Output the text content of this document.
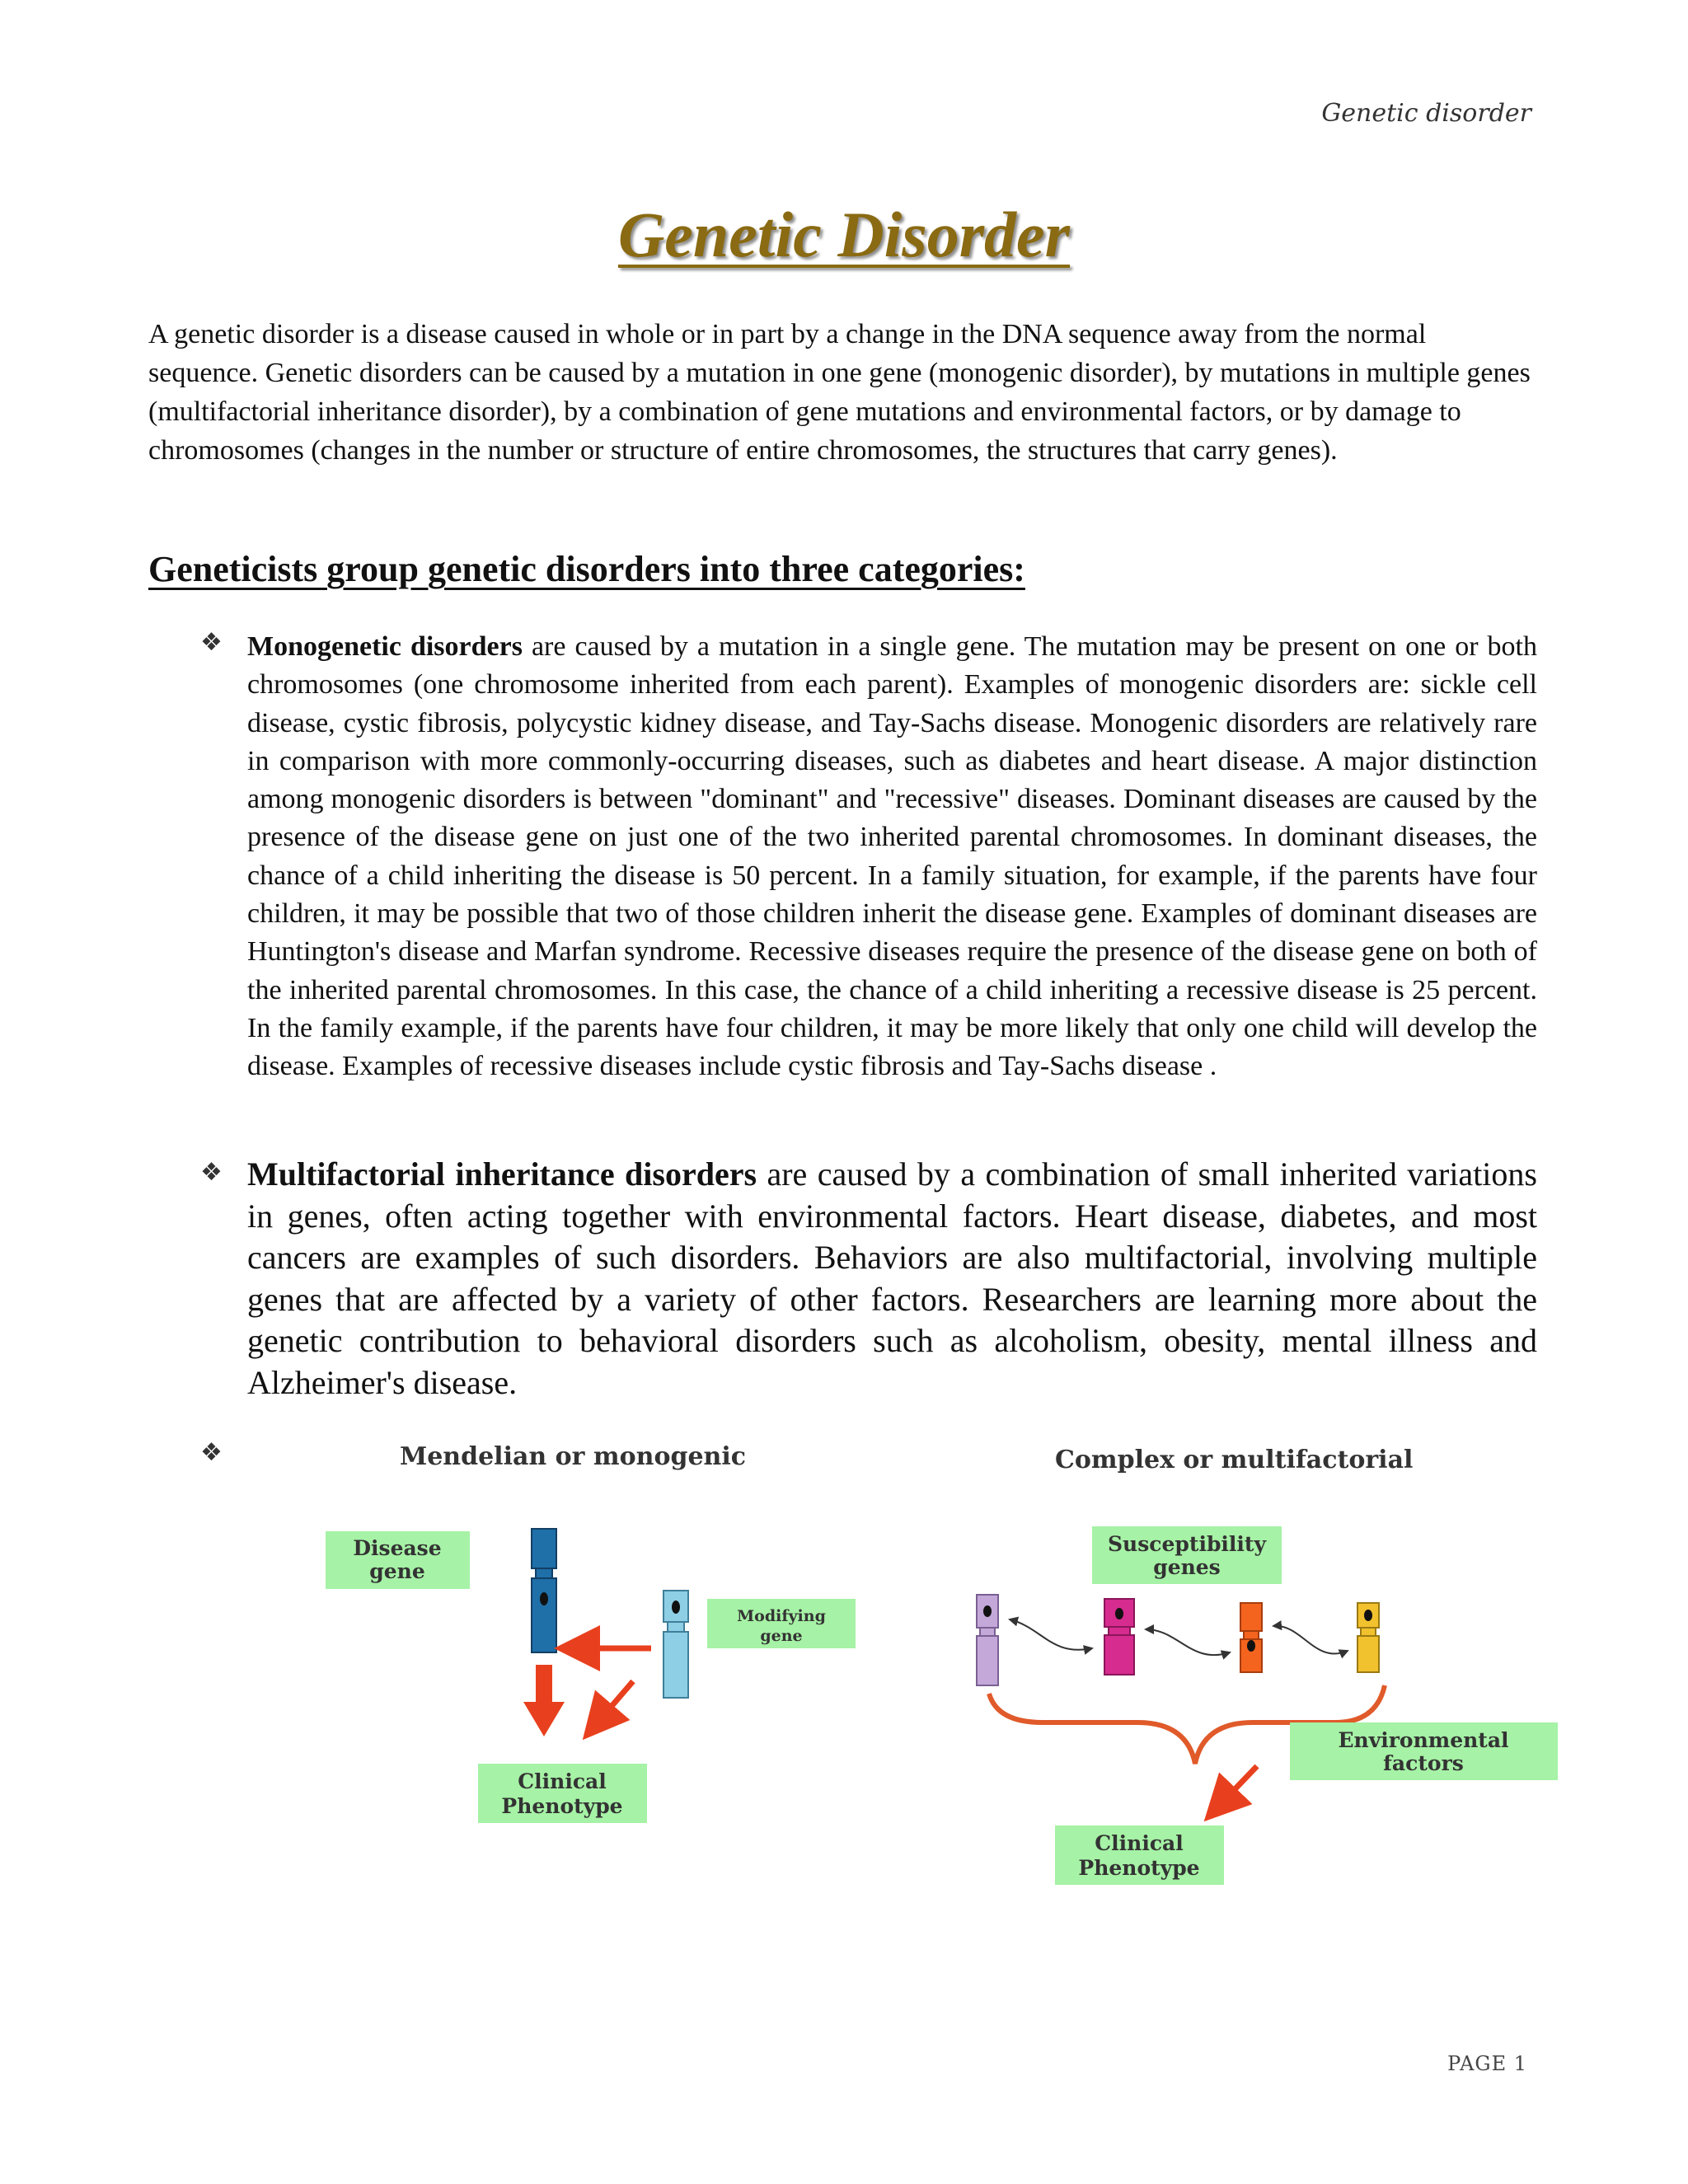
Genetic disorder
Genetic Disorder
A genetic disorder is a disease caused in whole or in part by a change in the DNA sequence away from the normal sequence. Genetic disorders can be caused by a mutation in one gene (monogenic disorder), by mutations in multiple genes (multifactorial inheritance disorder), by a combination of gene mutations and environmental factors, or by damage to chromosomes (changes in the number or structure of entire chromosomes, the structures that carry genes).
Geneticists group genetic disorders into three categories:
❖ Monogenetic disorders are caused by a mutation in a single gene. The mutation may be present on one or both chromosomes (one chromosome inherited from each parent). Examples of monogenic disorders are: sickle cell disease, cystic fibrosis, polycystic kidney disease, and Tay-Sachs disease. Monogenic disorders are relatively rare in comparison with more commonly-occurring diseases, such as diabetes and heart disease. A major distinction among monogenic disorders is between "dominant" and "recessive" diseases. Dominant diseases are caused by the presence of the disease gene on just one of the two inherited parental chromosomes. In dominant diseases, the chance of a child inheriting the disease is 50 percent. In a family situation, for example, if the parents have four children, it may be possible that two of those children inherit the disease gene. Examples of dominant diseases are Huntington's disease and Marfan syndrome. Recessive diseases require the presence of the disease gene on both of the inherited parental chromosomes. In this case, the chance of a child inheriting a recessive disease is 25 percent. In the family example, if the parents have four children, it may be more likely that only one child will develop the disease. Examples of recessive diseases include cystic fibrosis and Tay-Sachs disease .
❖ Multifactorial inheritance disorders are caused by a combination of small inherited variations in genes, often acting together with environmental factors. Heart disease, diabetes, and most cancers are examples of such disorders. Behaviors are also multifactorial, involving multiple genes that are affected by a variety of other factors. Researchers are learning more about the genetic contribution to behavioral disorders such as alcoholism, obesity, mental illness and Alzheimer's disease.
❖	Mendelian or monogenic
Disease
gene
Modifying
gene
Clinical
Phenotype
Complex or multifactorial
Susceptibility
genes
Environmental
factors
Clinical
Phenotype
PAGE 1
